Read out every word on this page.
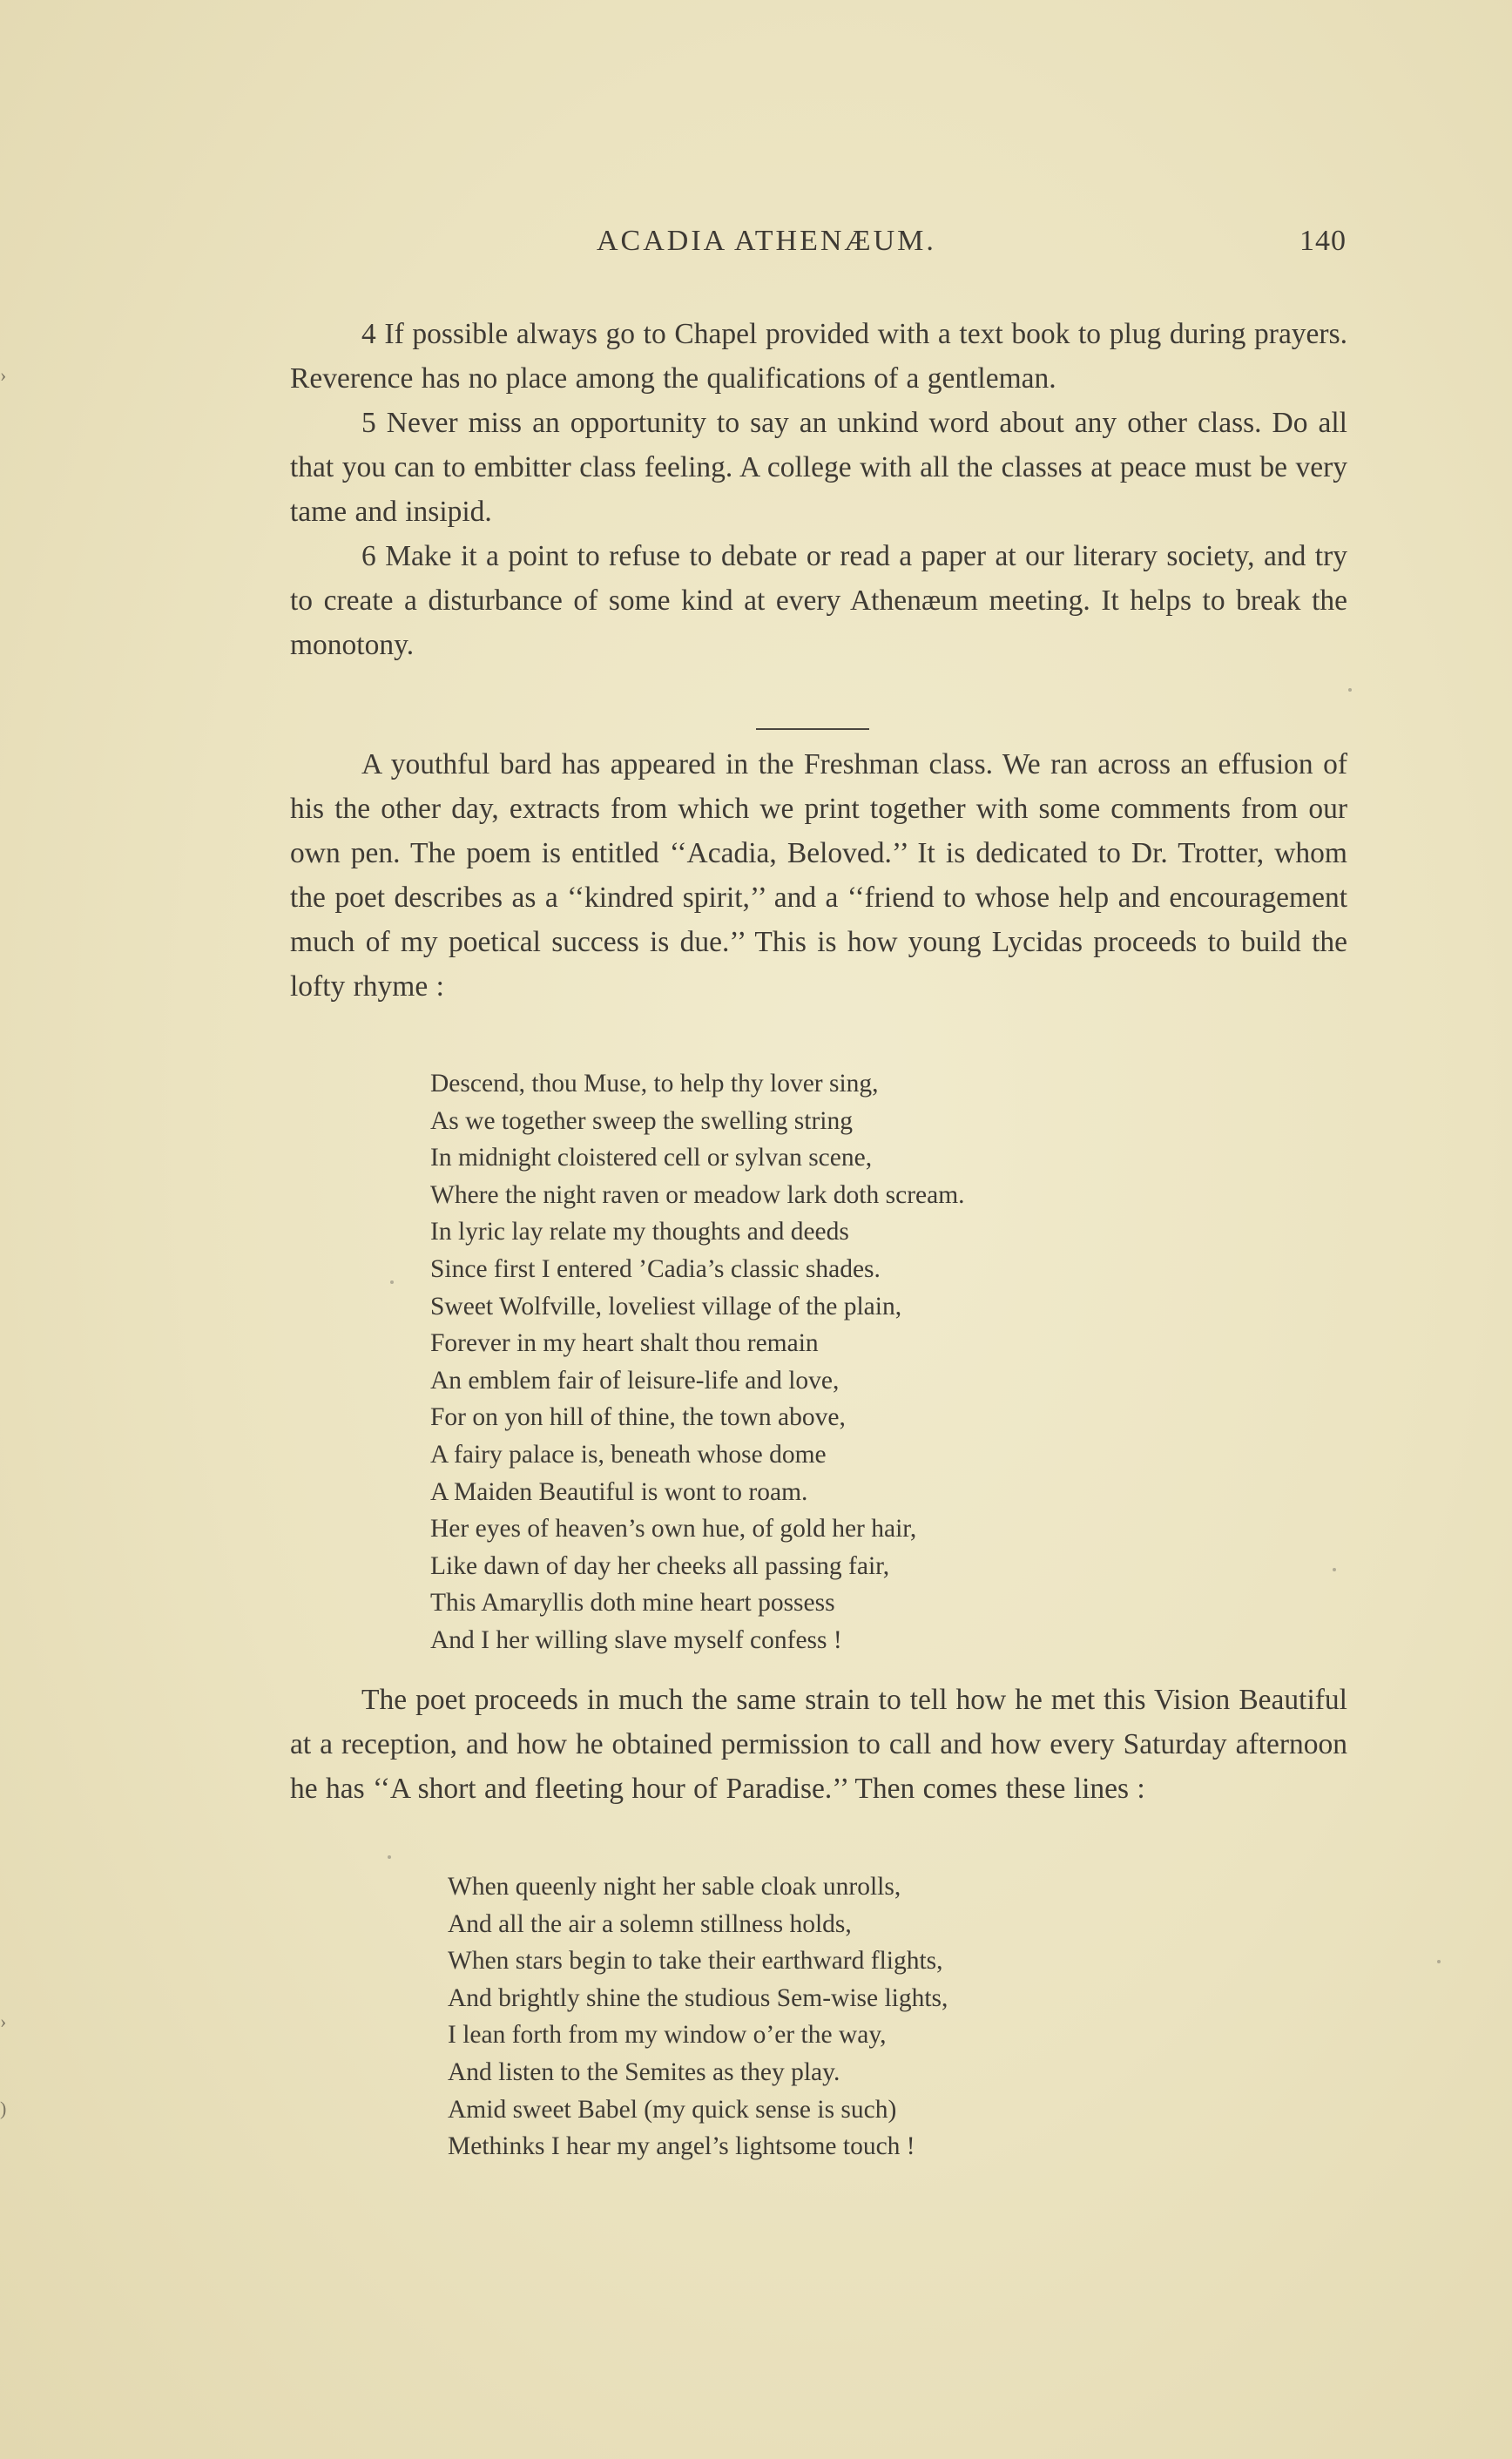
ACADIA ATHENÆUM.	140

4 If possible always go to Chapel provided with a text book to plug during prayers. Reverence has no place among the qualifications of a gentleman.

5 Never miss an opportunity to say an unkind word about any other class. Do all that you can to embitter class feeling. A college with all the classes at peace must be very tame and insipid.

6 Make it a point to refuse to debate or read a paper at our literary society, and try to create a disturbance of some kind at every Athenæum meeting. It helps to break the monotony.

A youthful bard has appeared in the Freshman class. We ran across an effusion of his the other day, extracts from which we print together with some comments from our own pen. The poem is entitled ‘‘Acadia, Beloved.’’ It is dedicated to Dr. Trotter, whom the poet describes as a ‘‘kindred spirit,’’ and a ‘‘friend to whose help and encouragement much of my poetical success is due.’’ This is how young Lycidas proceeds to build the lofty rhyme :

Descend, thou Muse, to help thy lover sing,
As we together sweep the swelling string
In midnight cloistered cell or sylvan scene,
Where the night raven or meadow lark doth scream.
In lyric lay relate my thoughts and deeds
Since first I entered ’Cadia’s classic shades.
Sweet Wolfville, loveliest village of the plain,
Forever in my heart shalt thou remain
An emblem fair of leisure-life and love,
For on yon hill of thine, the town above,
A fairy palace is, beneath whose dome
A Maiden Beautiful is wont to roam.
Her eyes of heaven’s own hue, of gold her hair,
Like dawn of day her cheeks all passing fair,
This Amaryllis doth mine heart possess
And I her willing slave myself confess !

The poet proceeds in much the same strain to tell how he met this Vision Beautiful at a reception, and how he obtained permission to call and how every Saturday afternoon he has ‘‘A short and fleeting hour of Paradise.’’ Then comes these lines :

When queenly night her sable cloak unrolls,
And all the air a solemn stillness holds,
When stars begin to take their earthward flights,
And brightly shine the studious Sem-wise lights,
I lean forth from my window o’er the way,
And listen to the Semites as they play.
Amid sweet Babel (my quick sense is such)
Methinks I hear my angel’s lightsome touch !
›
›
)
